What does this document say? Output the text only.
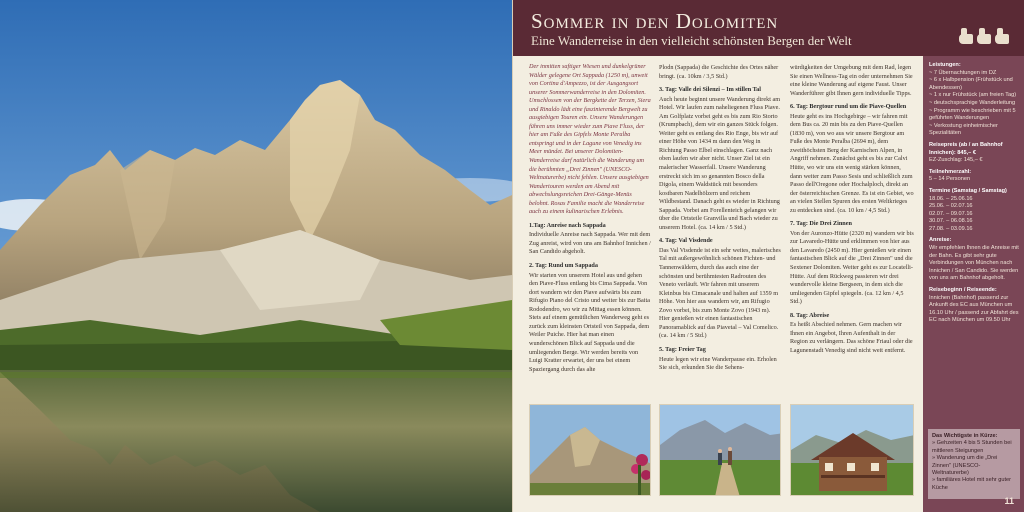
Sommer in den Dolomiten
Eine Wanderreise in den vielleicht schönsten Bergen der Welt

Der inmitten saftiger Wiesen und dunkelgrüner Wälder gelegene Ort Sappada (1250 m), unweit von Cortina d'Ampezzo, ist der Ausgangsort unserer Sommerwanderreise in den Dolomiten. Umschlossen von der Bergkette der Terzen, Siera und Rinaldo lädt eine faszinierende Bergwelt zu ausgiebigen Touren ein. Unsere Wanderungen führen uns immer wieder zum Piave Fluss, der hier am Fuße des Gipfels Monte Peralba entspringt und in der Lagune von Venedig ins Meer mündet. Bei unserer Dolomiten-Wanderreise darf natürlich die Wanderung um die berühmten „Drei Zinnen" (UNESCO-Weltnaturerbe) nicht fehlen. Unsere ausgiebigen Wandertouren werden am Abend mit abwechslungsreichen Drei-Gänge-Menüs belohnt. Rosas Familie macht die Wanderreise auch zu einem kulinarischen Erlebnis.

1.Tag: Anreise nach Sappada

Individuelle Anreise nach Sappada. Wer mit dem Zug anreist, wird von uns am Bahnhof Innichen / San Candido abgeholt.

2. Tag: Rund um Sappada

Wir starten von unserem Hotel aus und gehen den Piave-Fluss entlang bis Cima Sappada. Von dort wandern wir den Piave aufwärts bis zum Rifugio Piano del Cristo und weiter bis zur Baita Rododendro, wo wir zu Mittag essen können. Stets auf einem gemütlichen Wanderweg geht es zurück zum kleinsten Ortsteil von Sappada, dem Weiler Puiche. Hier hat man einen wunderschönen Blick auf Sappada und die umliegenden Berge. Wir werden bereits von Luigi Kratter erwartet, der uns bei einem Spaziergang durch das alte

Plodn (Sappada) die Geschichte des Ortes näher bringt. (ca. 10km / 3,5 Std.)

3. Tag: Valle dei Silenzi – Im stillen Tal

Auch heute beginnt unsere Wanderung direkt am Hotel. Wir laufen zum naheliegenen Fluss Piave. Am Golfplatz vorbei geht es bis zum Rio Storto (Krumpbach), dem wir ein ganzes Stück folgen. Weiter geht es entlang des Rio Enge, bis wir auf einer Höhe von 1434 m dann den Weg in Richtung Passo Elbel einschlagen. Ganz nach oben laufen wir aber nicht. Unser Ziel ist ein malerischer Wasserfall. Unsere Wanderung erstreckt sich im so genannten Bosco della Digola, einem Waldstück mit besonders kostbaren Nadelhölzern und reichem Wildbestand. Danach geht es wieder in Richtung Sappada. Vorbei am Forellenteich gelangen wir über die Ortsteile Granvilla und Bach wieder zu unserem Hotel. (ca. 14 km / 5 Std.)

4. Tag: Val Visdende

Das Val Visdende ist ein sehr weites, malerisches Tal mit außergewöhnlich schönen Fichten- und Tannenwäldern, durch das auch eine der schönsten und berühmtesten Radrouten des Veneto verläuft. Wir fahren mit unserem Kleinbus bis Cimacanale und halten auf 1359 m Höhe. Von hier aus wandern wir, am Rifugio Zovo vorbei, bis zum Monte Zovo (1943 m). Hier genießen wir einen fantastischen Panoramablick auf das Piavetal – Val Comelico. (ca. 14 km / 5 Std.)

5. Tag: Freier Tag

Heute legen wir eine Wanderpause ein. Erholen Sie sich, erkunden Sie die Sehens-

würdigkeiten der Umgebung mit dem Rad, legen Sie einen Wellness-Tag ein oder unternehmen Sie eine kleine Wanderung auf eigene Faust. Unser Wanderführer gibt Ihnen gern individuelle Tipps.

6. Tag: Bergtour rund um die Piave-Quellen

Heute geht es ins Hochgebirge – wir fahren mit dem Bus ca. 20 min bis zu den Piave-Quellen (1830 m), von wo aus wir unsere Bergtour am Fuße des Monte Peralba (2694 m), dem zweithöchsten Berg der Karnischen Alpen, in Angriff nehmen. Zunächst geht es bis zur Calvi Hütte, wo wir uns ein wenig stärken können, dann weiter zum Passo Sesis und schließlich zum Passo dell'Oregone oder Hochalploch, direkt an der österreichischen Grenze. Es ist ein Gebiet, wo an vielen Stellen Spuren des ersten Weltkrieges zu entdecken sind. (ca. 10 km / 4,5 Std.)

7. Tag: Die Drei Zinnen

Von der Auronzo-Hütte (2320 m) wandern wir bis zur Lavaredo-Hütte und erklimmen von hier aus den Lavaredo (2450 m). Hier genießen wir einen fantastischen Blick auf die „Drei Zinnen" und die Sextener Dolomiten. Weiter geht es zur Locatelli-Hütte. Auf dem Rückweg passieren wir drei wundervolle kleine Bergseen, in dem sich die umliegenden Gipfel spiegeln. (ca. 12 km / 4,5 Std.)

8. Tag: Abreise

Es heißt Abschied nehmen. Gern machen wir Ihnen ein Angebot, Ihren Aufenthalt in der Region zu verlängern. Das schöne Friaul oder die Lagunenstadt Venedig sind nicht weit entfernt.

Leistungen:
~ 7 Übernachtungen im DZ
~ 6 x Halbpension (Frühstück und Abendessen)
~ 1 x nur Frühstück (am freien Tag)
~ deutschsprachige Wanderleitung
~ Programm wie beschrieben mit 5 geführten Wanderungen
~ Verkostung einheimischer Spezialitäten
Reisepreis (ab / an Bahnhof Innichen): 845,– €
EZ-Zuschlag: 145,– €
Teilnehmerzahl:
5 – 14 Personen
Termine (Samstag / Samstag)
18.06. – 25.06.16
25.06. – 02.07.16
02.07. – 09.07.16
30.07. – 06.08.16
27.08. – 03.09.16
Anreise:
Wir empfehlen Ihnen die Anreise mit der Bahn. Es gibt sehr gute Verbindungen von München nach Innichen / San Candido. Sie werden von uns am Bahnhof abgeholt.
Reisebeginn / Reiseende:
Innichen (Bahnhof) passend zur Ankunft des EC aus München um 16.10 Uhr / passend zur Abfahrt des EC nach München um 09.50 Uhr
Das Wichtigste in Kürze:
» Gehzeiten 4 bis 5 Stunden bei mittleren Steigungen
» Wanderung um die „Drei Zinnen" (UNESCO-Weltnaturerbe)
» familiäres Hotel mit sehr guter Küche
11
